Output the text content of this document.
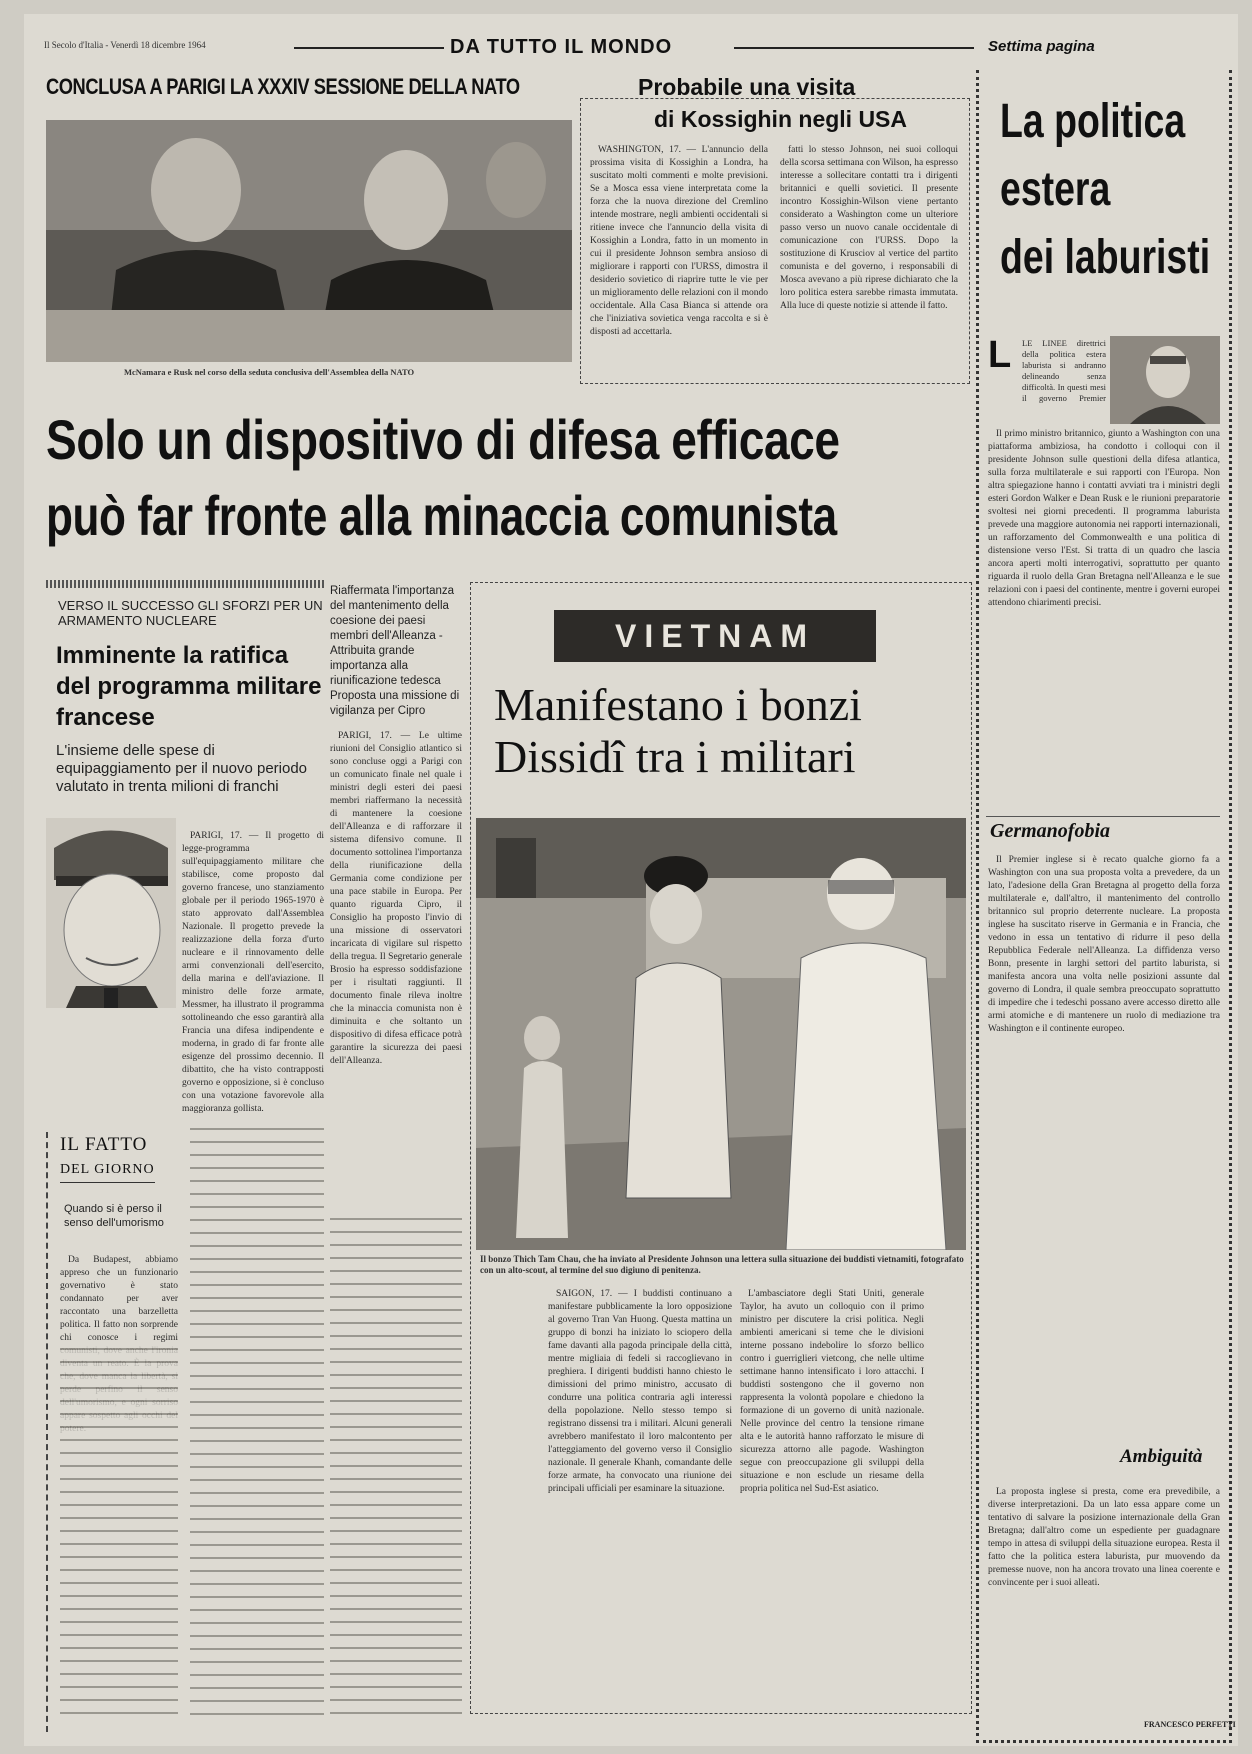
Il Secolo d'Italia - Venerdì 18 dicembre 1964	DA TUTTO IL MONDO	Settima pagina
CONCLUSA A PARIGI LA XXXIV SESSIONE DELLA NATO
McNamara e Rusk nel corso della seduta conclusiva dell'Assemblea della NATO
Probabile una visita
di Kossighin negli USA

WASHINGTON, 17. — L'annuncio della prossima visita di Kossighin a Londra, ha suscitato molti commenti e molte previsioni. Se a Mosca essa viene interpretata come la forza che la nuova direzione del Cremlino intende mostrare, negli ambienti occidentali si ritiene invece che l'annuncio della visita di Kossighin a Londra, fatto in un momento in cui il presidente Johnson sembra ansioso di migliorare i rapporti con l'URSS, dimostra il desiderio sovietico di riaprire tutte le vie per un miglioramento delle relazioni con il mondo occidentale. Alla Casa Bianca si attende ora che l'iniziativa sovietica venga raccolta e si è disposti ad accettarla.

fatti lo stesso Johnson, nei suoi colloqui della scorsa settimana con Wilson, ha espresso interesse a sollecitare contatti tra i dirigenti britannici e quelli sovietici. Il presente incontro Kossighin-Wilson viene pertanto considerato a Washington come un ulteriore passo verso un nuovo canale occidentale di comunicazione con l'URSS. Dopo la sostituzione di Krusciov al vertice del partito comunista e del governo, i responsabili di Mosca avevano a più riprese dichiarato che la loro politica estera sarebbe rimasta immutata. Alla luce di queste notizie si attende il fatto.

La politica
estera
dei laburisti
L LE LINEE direttrici della politica estera laburista si andranno delineando senza difficoltà. In questi mesi il governo Premier

Il primo ministro britannico, giunto a Washington con una piattaforma ambiziosa, ha condotto i colloqui con il presidente Johnson sulle questioni della difesa atlantica, sulla forza multilaterale e sui rapporti con l'Europa. Non altra spiegazione hanno i contatti avviati tra i ministri degli esteri Gordon Walker e Dean Rusk e le riunioni preparatorie svoltesi nei giorni precedenti. Il programma laburista prevede una maggiore autonomia nei rapporti internazionali, un rafforzamento del Commonwealth e una politica di distensione verso l'Est. Si tratta di un quadro che lascia ancora aperti molti interrogativi, soprattutto per quanto riguarda il ruolo della Gran Bretagna nell'Alleanza e le sue relazioni con i paesi del continente, mentre i governi europei attendono chiarimenti precisi.

Germanofobia

Il Premier inglese si è recato qualche giorno fa a Washington con una sua proposta volta a prevedere, da un lato, l'adesione della Gran Bretagna al progetto della forza multilaterale e, dall'altro, il mantenimento del controllo britannico sul proprio deterrente nucleare. La proposta inglese ha suscitato riserve in Germania e in Francia, che vedono in essa un tentativo di ridurre il peso della Repubblica Federale nell'Alleanza. La diffidenza verso Bonn, presente in larghi settori del partito laburista, si manifesta ancora una volta nelle posizioni assunte dal governo di Londra, il quale sembra preoccupato soprattutto di impedire che i tedeschi possano avere accesso diretto alle armi atomiche e di mantenere un ruolo di mediazione tra Washington e il continente europeo.

Ambiguità

La proposta inglese si presta, come era prevedibile, a diverse interpretazioni. Da un lato essa appare come un tentativo di salvare la posizione internazionale della Gran Bretagna; dall'altro come un espediente per guadagnare tempo in attesa di sviluppi della situazione europea. Resta il fatto che la politica estera laburista, pur muovendo da premesse nuove, non ha ancora trovato una linea coerente e convincente per i suoi alleati.

FRANCESCO PERFETTI
Solo un dispositivo di difesa efficace
può far fronte alla minaccia comunista
VERSO IL SUCCESSO GLI SFORZI PER UN ARMAMENTO NUCLEARE
Imminente la ratifica del programma militare francese
L'insieme delle spese di equipaggiamento per il nuovo periodo valutato in trenta milioni di franchi

PARIGI, 17. — Il progetto di legge-programma sull'equipaggiamento militare che stabilisce, come proposto dal governo francese, uno stanziamento globale per il periodo 1965-1970 è stato approvato dall'Assemblea Nazionale. Il progetto prevede la realizzazione della forza d'urto nucleare e il rinnovamento delle armi convenzionali dell'esercito, della marina e dell'aviazione. Il ministro delle forze armate, Messmer, ha illustrato il programma sottolineando che esso garantirà alla Francia una difesa indipendente e moderna, in grado di far fronte alle esigenze del prossimo decennio. Il dibattito, che ha visto contrapposti governo e opposizione, si è concluso con una votazione favorevole alla maggioranza gollista.

IL FATTO
DEL GIORNO
Quando si è perso il senso dell'umorismo

Da Budapest, abbiamo appreso che un funzionario governativo è stato condannato per aver raccontato una barzelletta politica. Il fatto non sorprende chi conosce i regimi

Riaffermata l'importanza del mantenimento della coesione dei paesi membri dell'Alleanza - Attribuita grande importanza alla riunificazione tedesca Proposta una missione di vigilanza per Cipro

PARIGI, 17. — Le ultime riunioni del Consiglio atlantico si sono concluse oggi a Parigi con un comunicato finale nel quale i ministri degli esteri dei paesi membri riaffermano la necessità di mantenere la coesione dell'Alleanza e di rafforzare il sistema difensivo comune. Il documento sottolinea l'importanza della riunificazione della Germania come condizione per una pace stabile in Europa. Per quanto riguarda Cipro, il Consiglio ha proposto l'invio di una missione di osservatori incaricata di vigilare sul rispetto della tregua. Il Segretario generale Brosio ha espresso soddisfazione per i risultati raggiunti. Il documento finale rileva inoltre che la minaccia comunista non è diminuita e che soltanto un dispositivo di difesa efficace potrà garantire la sicurezza dei paesi dell'Alleanza.

VIETNAM
Manifestano i bonzi
Dissidî tra i militari
Il bonzo Thich Tam Chau, che ha inviato al Presidente Johnson una lettera sulla situazione dei buddisti vietnamiti, fotografato con un alto-scout, al termine del suo digiuno di penitenza.

SAIGON, 17. — I buddisti continuano a manifestare pubblicamente la loro opposizione al governo Tran Van Huong. Questa mattina un gruppo di bonzi ha iniziato lo sciopero della fame davanti alla pagoda principale della città, mentre migliaia di fedeli si raccoglievano in preghiera. I dirigenti buddisti hanno chiesto le dimissioni del primo ministro, accusato di condurre una politica contraria agli interessi della popolazione. Nello stesso tempo si registrano dissensi tra i militari. Alcuni generali avrebbero manifestato il loro malcontento per l'atteggiamento del governo verso il Consiglio nazionale. Il generale Khanh, comandante delle forze armate, ha convocato una riunione dei principali ufficiali per esaminare la situazione.

L'ambasciatore degli Stati Uniti, generale Taylor, ha avuto un colloquio con il primo ministro per discutere la crisi politica. Negli ambienti americani si teme che le divisioni interne possano indebolire lo sforzo bellico contro i guerriglieri vietcong, che nelle ultime settimane hanno intensificato i loro attacchi. I buddisti sostengono che il governo non rappresenta la volontà popolare e chiedono la formazione di un governo di unità nazionale. Nelle province del centro la tensione rimane alta e le autorità hanno rafforzato le misure di sicurezza attorno alle pagode. Washington segue con preoccupazione gli sviluppi della situazione e non esclude un riesame della propria politica nel Sud-Est asiatico.
